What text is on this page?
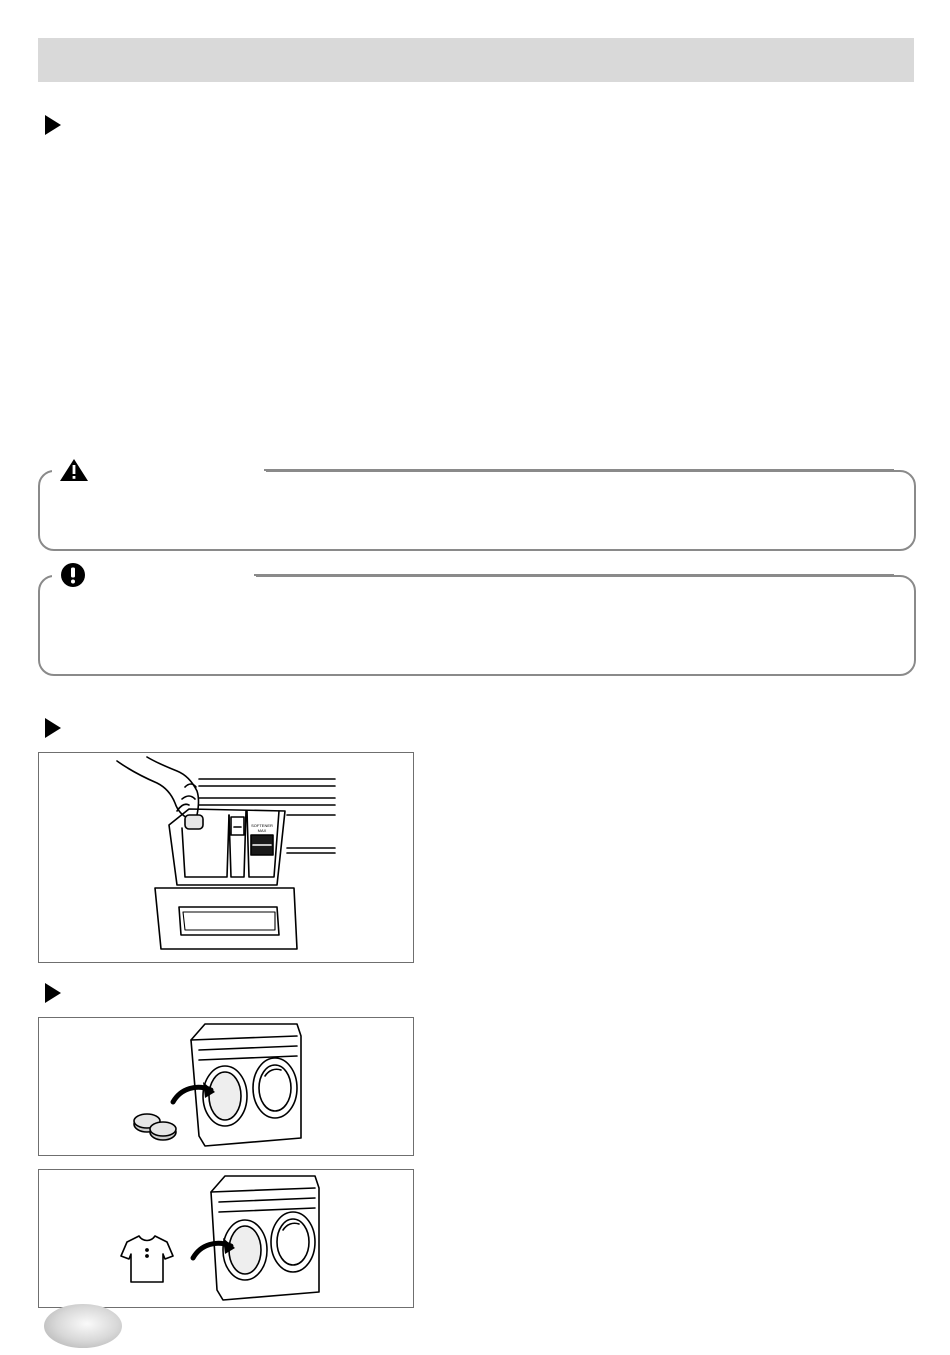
SOFTENER
MAX
